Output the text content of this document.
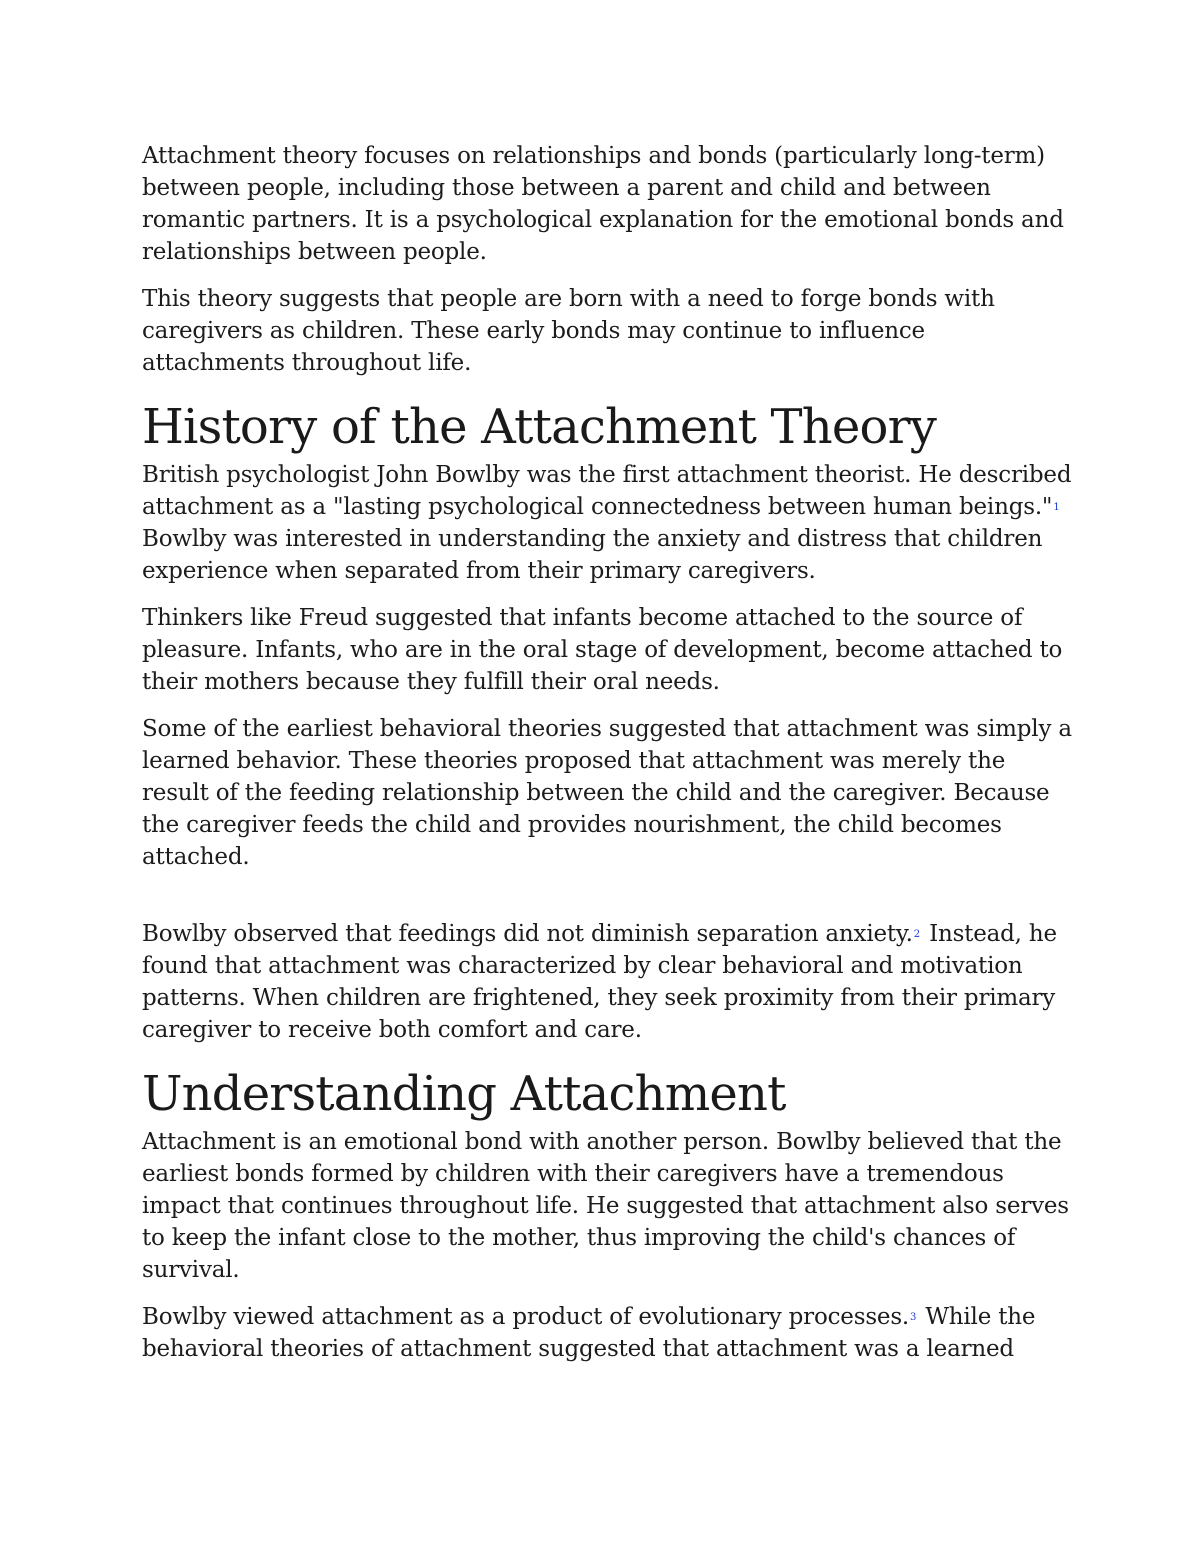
Attachment theory focuses on relationships and bonds (particularly long-term) between people, including those between a parent and child and between romantic partners. It is a psychological explanation for the emotional bonds and relationships between people.

This theory suggests that people are born with a need to forge bonds with caregivers as children. These early bonds may continue to influence attachments throughout life.

History of the Attachment Theory

British psychologist John Bowlby was the first attachment theorist. He described attachment as a "lasting psychological connectedness between human beings."$^1$ Bowlby was interested in understanding the anxiety and distress that children experience when separated from their primary caregivers.

Thinkers like Freud suggested that infants become attached to the source of pleasure. Infants, who are in the oral stage of development, become attached to their mothers because they fulfill their oral needs.

Some of the earliest behavioral theories suggested that attachment was simply a learned behavior. These theories proposed that attachment was merely the result of the feeding relationship between the child and the caregiver. Because the caregiver feeds the child and provides nourishment, the child becomes attached.

Bowlby observed that feedings did not diminish separation anxiety.$^2$ Instead, he found that attachment was characterized by clear behavioral and motivation patterns. When children are frightened, they seek proximity from their primary caregiver to receive both comfort and care.

Understanding Attachment

Attachment is an emotional bond with another person. Bowlby believed that the earliest bonds formed by children with their caregivers have a tremendous impact that continues throughout life. He suggested that attachment also serves to keep the infant close to the mother, thus improving the child's chances of survival.

Bowlby viewed attachment as a product of evolutionary processes.$^3$ While the behavioral theories of attachment suggested that attachment was a learned
